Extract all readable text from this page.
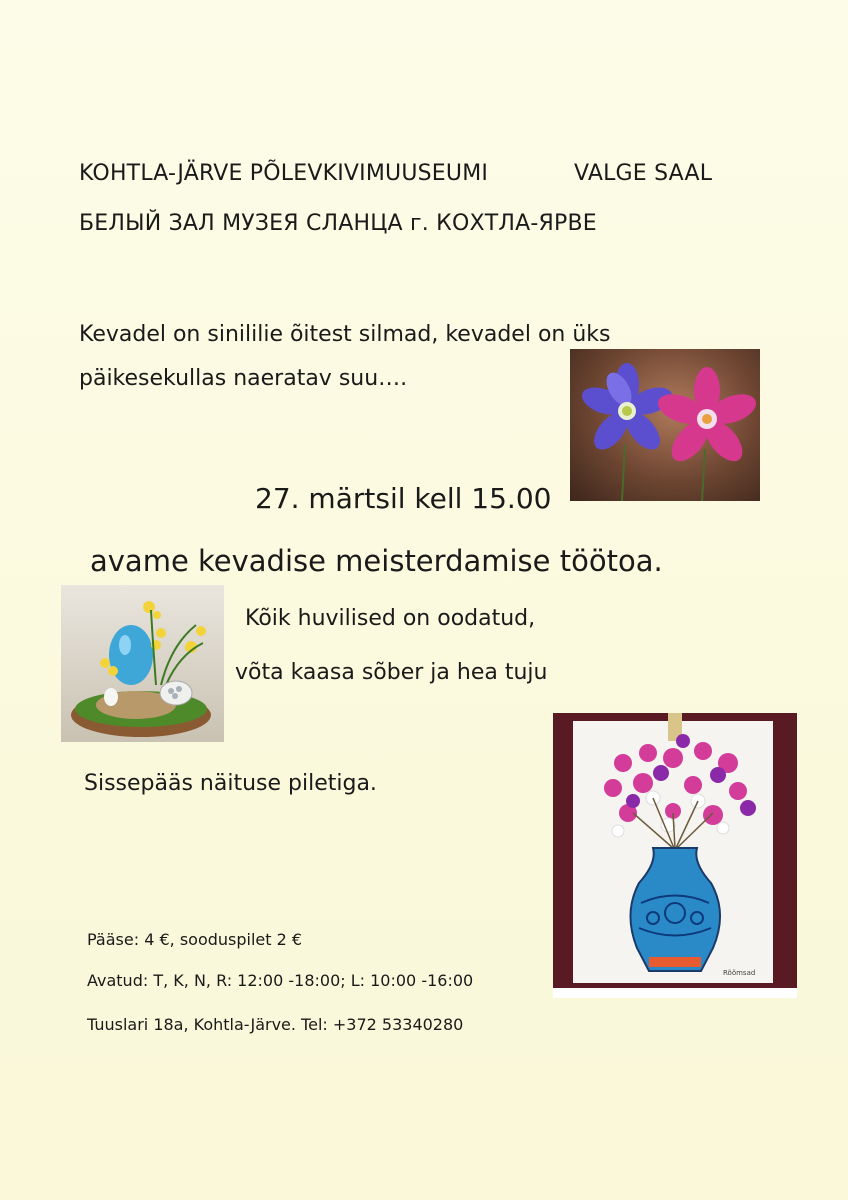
KOHTLA-JÄRVE PÕLEVKIVIMUUSEUMI	VALGE SAAL
БЕЛЫЙ ЗАЛ МУЗЕЯ СЛАНЦА г. КОХТЛА-ЯРВЕ
Kevadel on sinililie õitest silmad, kevadel on üks
päikesekullas naeratav suu….
27. märtsil kell 15.00
avame kevadise meisterdamise töötoa.
Kõik huvilised on oodatud,
võta kaasa sõber ja hea tuju
Sissepääs näituse piletiga.
Rõõmsad
Pääse: 4 €, sooduspilet 2 €
Avatud: T, K, N, R: 12:00 -18:00; L: 10:00 -16:00
Tuuslari 18a, Kohtla-Järve. Tel: +372 53340280
